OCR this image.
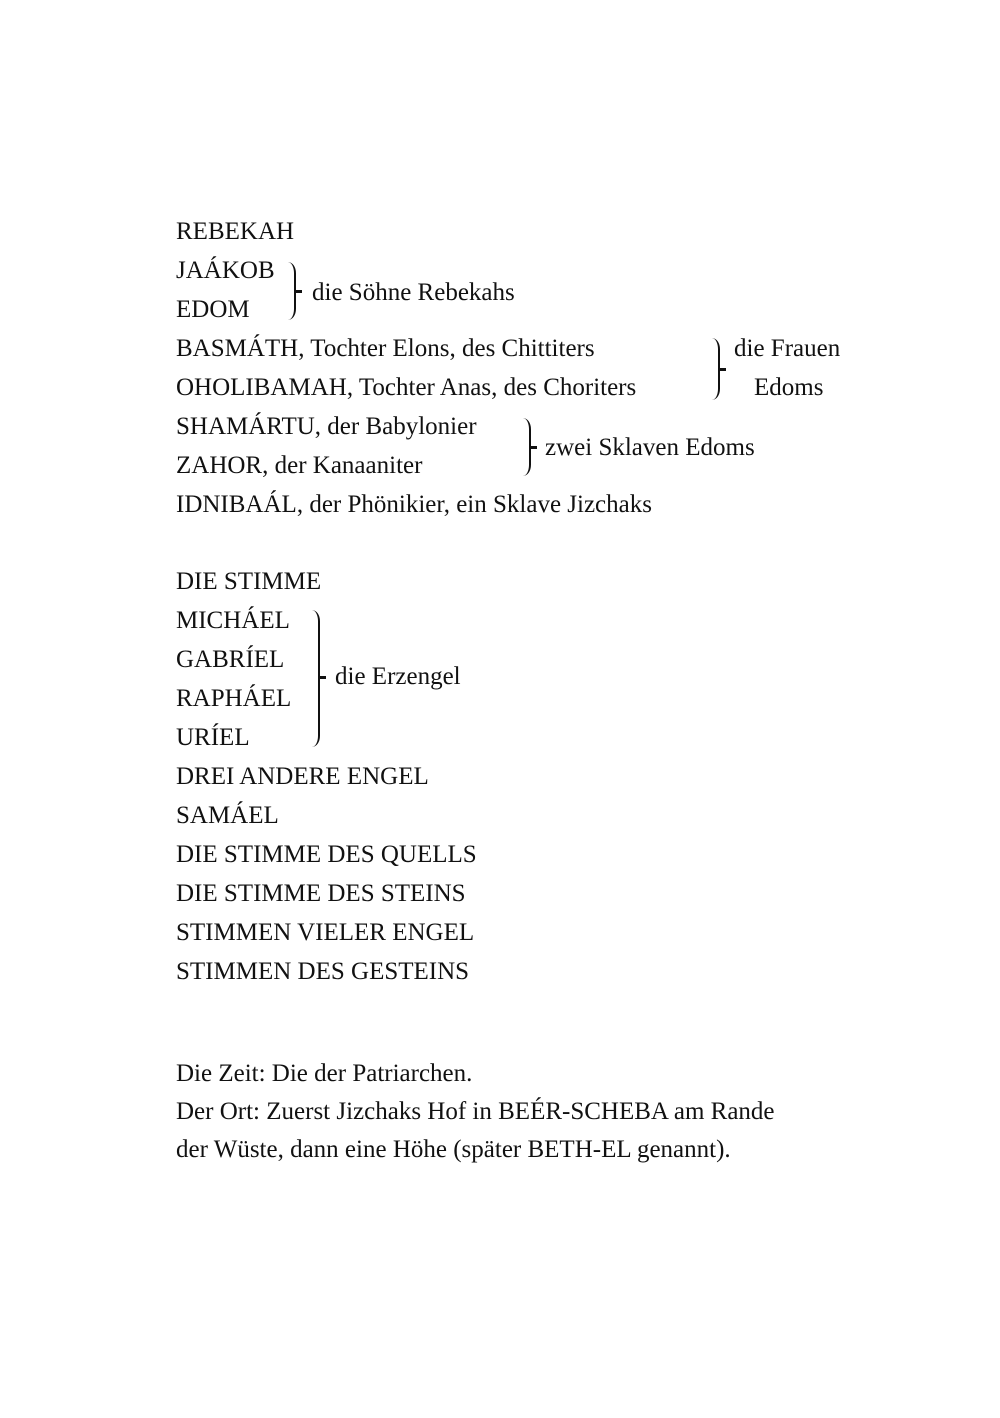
REBEKAH
JAÁKOB
EDOM
die Söhne Rebekahs
BASMÁTH, Tochter Elons, des Chittiters
OHOLIBAMAH, Tochter Anas, des Choriters
die Frauen
Edoms
SHAMÁRTU, der Babylonier
ZAHOR, der Kanaaniter
zwei Sklaven Edoms
IDNIBAÁL, der Phönikier, ein Sklave Jizchaks
DIE STIMME
MICHÁEL
GABRÍEL
RAPHÁEL
URÍEL
die Erzengel
DREI ANDERE ENGEL
SAMÁEL
DIE STIMME DES QUELLS
DIE STIMME DES STEINS
STIMMEN VIELER ENGEL
STIMMEN DES GESTEINS
Die Zeit: Die der Patriarchen.
Der Ort: Zuerst Jizchaks Hof in BEÉR-SCHEBA am Rande
der Wüste, dann eine Höhe (später BETH-EL genannt).
